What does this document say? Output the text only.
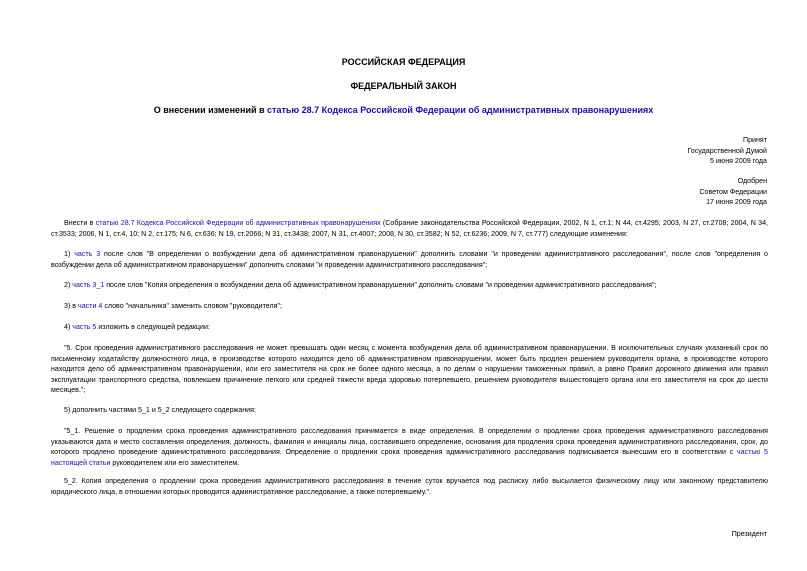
РОССИЙСКАЯ ФЕДЕРАЦИЯ
ФЕДЕРАЛЬНЫЙ ЗАКОН
О внесении изменений в статью 28.7 Кодекса Российской Федерации об административных правонарушениях
Принят
Государственной Думой
5 июня 2009 года
Одобрен
Советом Федерации
17 июня 2009 года
Внести в статью 28.7 Кодекса Российской Федерации об административных правонарушениях (Собрание законодательства Российской Федерации, 2002, N 1, ст.1; N 44, ст.4295; 2003, N 27, ст.2708; 2004, N 34, ст.3533; 2006, N 1, ст.4, 10; N 2, ст.175; N 6, ст.636; N 19, ст.2066; N 31, ст.3438; 2007, N 31, ст.4007; 2008, N 30, ст.3582; N 52, ст.6236; 2009, N 7, ст.777) следующие изменения:
1) часть 3 после слов "В определении о возбуждении дела об административном правонарушении" дополнить словами "и проведении административного расследования", после слов "определения о возбуждении дела об административном правонарушении" дополнить словами "и проведении административного расследования";
2) часть 3_1 после слов "Копия определения о возбуждении дела об административном правонарушении" дополнить словами "и проведении административного расследования";
3) в части 4 слово "начальника" заменить словом "руководителя";
4) часть 5 изложить в следующей редакции:
"5. Срок проведения административного расследования не может превышать один месяц с момента возбуждения дела об административном правонарушении. В исключительных случаях указанный срок по письменному ходатайству должностного лица, в производстве которого находится дело об административном правонарушении, может быть продлен решением руководителя органа, в производстве которого находится дело об административном правонарушении, или его заместителя на срок не более одного месяца, а по делам о нарушении таможенных правил, а равно Правил дорожного движения или правил эксплуатации транспортного средства, повлекшем причинение легкого или средней тяжести вреда здоровью потерпевшего, решением руководителя вышестоящего органа или его заместителя на срок до шести месяцев.";
5) дополнить частями 5_1 и 5_2 следующего содержания:
"5_1. Решение о продлении срока проведения административного расследования принимается в виде определения. В определении о продлении срока проведения административного расследования указываются дата и место составления определения, должность, фамилия и инициалы лица, составившего определение, основания для продления срока проведения административного расследования, срок, до которого продлено проведение административного расследования. Определение о продлении срока проведения административного расследования подписывается вынесшим его в соответствии с частью 5 настоящей статьи руководителем или его заместителем.
5_2. Копия определения о продлении срока проведения административного расследования в течение суток вручается под расписку либо высылается физическому лицу или законному представителю юридического лица, в отношении которых проводится административное расследование, а также потерпевшему.".
Президент
